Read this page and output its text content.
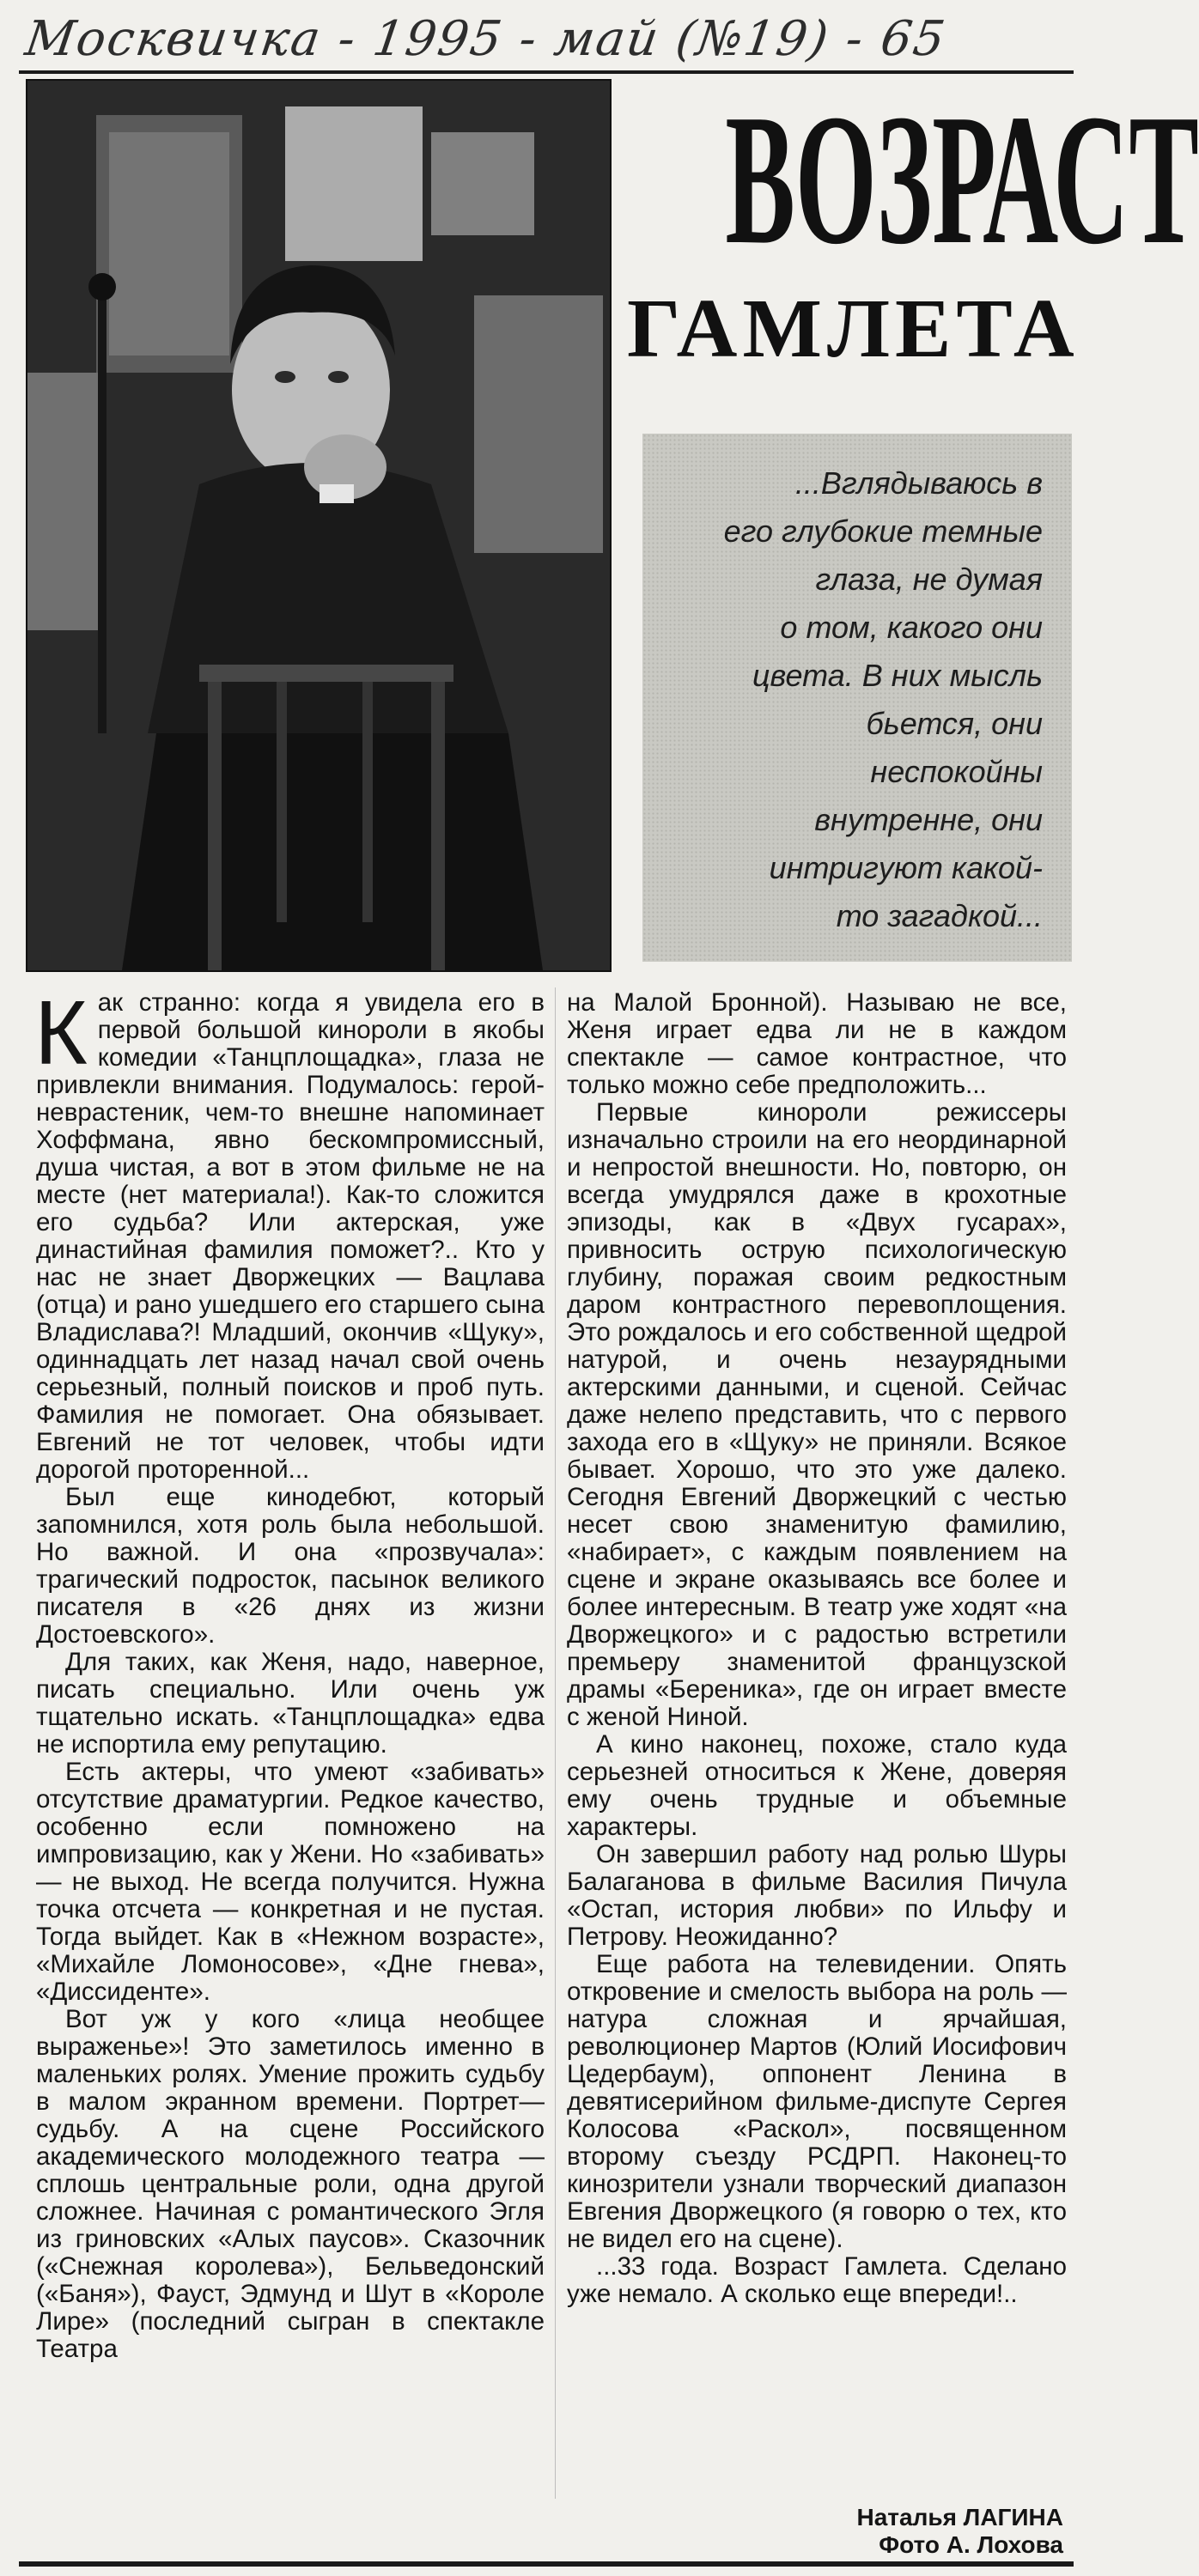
Москвичка - 1995 - май (№19) - 65
ВОЗРАСТ
ГАМЛЕТА
...Вглядываюсь в
его глубокие темные
глаза, не думая
о том, какого они
цвета. В них мысль
бьется, они
неспокойны
внутренне, они
интригуют какой-
то загадкой...

Как странно: когда я увидела его в первой большой кинороли в якобы комедии «Танцплощадка», глаза не привлекли внимания. Подумалось: герой-неврастеник, чем-то внешне напоминает Хоффмана, явно бескомпромиссный, душа чистая, а вот в этом фильме не на месте (нет материала!). Как-то сложится его судьба? Или актерская, уже династийная фамилия поможет?.. Кто у нас не знает Дворжецких — Вацлава (отца) и рано ушедшего его старшего сына Владислава?! Младший, окончив «Щуку», одиннадцать лет назад начал свой очень серьезный, полный поисков и проб путь. Фамилия не помогает. Она обязывает. Евгений не тот человек, чтобы идти дорогой проторенной...

Был еще кинодебют, который запомнился, хотя роль была небольшой. Но важной. И она «прозвучала»: трагический подросток, пасынок великого писателя в «26 днях из жизни Достоевского».

Для таких, как Женя, надо, наверное, писать специально. Или очень уж тщательно искать. «Танцплощадка» едва не испортила ему репутацию.

Есть актеры, что умеют «забивать» отсутствие драматургии. Редкое качество, особенно если помножено на импровизацию, как у Жени. Но «забивать» — не выход. Не всегда получится. Нужна точка отсчета — конкретная и не пустая. Тогда выйдет. Как в «Нежном возрасте», «Михайле Ломоносове», «Дне гнева», «Диссиденте».

Вот уж у кого «лица необщее выраженье»! Это заметилось именно в маленьких ролях. Умение прожить судьбу в малом экранном времени. Портрет—судьбу. А на сцене Российского академического молодежного театра — сплошь центральные роли, одна другой сложнее. Начиная с романтического Эгля из гриновских «Алых паусов». Сказочник («Снежная королева»), Бельведонский («Баня»), Фауст, Эдмунд и Шут в «Короле Лире» (последний сыгран в спектакле Театра

на Малой Бронной). Называю не все, Женя играет едва ли не в каждом спектакле — самое контрастное, что только можно себе предположить...

Первые кинороли режиссеры изначально строили на его неординарной и непростой внешности. Но, повторю, он всегда умудрялся даже в крохотные эпизоды, как в «Двух гусарах», привносить острую психологическую глубину, поражая своим редкостным даром контрастного перевоплощения. Это рождалось и его собственной щедрой натурой, и очень незаурядными актерскими данными, и сценой. Сейчас даже нелепо представить, что с первого захода его в «Щуку» не приняли. Всякое бывает. Хорошо, что это уже далеко. Сегодня Евгений Дворжецкий с честью несет свою знаменитую фамилию, «набирает», с каждым появлением на сцене и экране оказываясь все более и более интересным. В театр уже ходят «на Дворжецкого» и с радостью встретили премьеру знаменитой французской драмы «Береника», где он играет вместе с женой Ниной.

А кино наконец, похоже, стало куда серьезней относиться к Жене, доверяя ему очень трудные и объемные характеры.

Он завершил работу над ролью Шуры Балаганова в фильме Василия Пичула «Остап, история любви» по Ильфу и Петрову. Неожиданно?

Еще работа на телевидении. Опять откровение и смелость выбора на роль — натура сложная и ярчайшая, революционер Мартов (Юлий Иосифович Цедербаум), оппонент Ленина в девятисерийном фильме-диспуте Сергея Колосова «Раскол», посвященном второму съезду РСДРП. Наконец-то кинозрители узнали творческий диапазон Евгения Дворжецкого (я говорю о тех, кто не видел его на сцене).

...33 года. Возраст Гамлета. Сделано уже немало. А сколько еще впереди!..

Наталья ЛАГИНА
Фото А. Лохова
